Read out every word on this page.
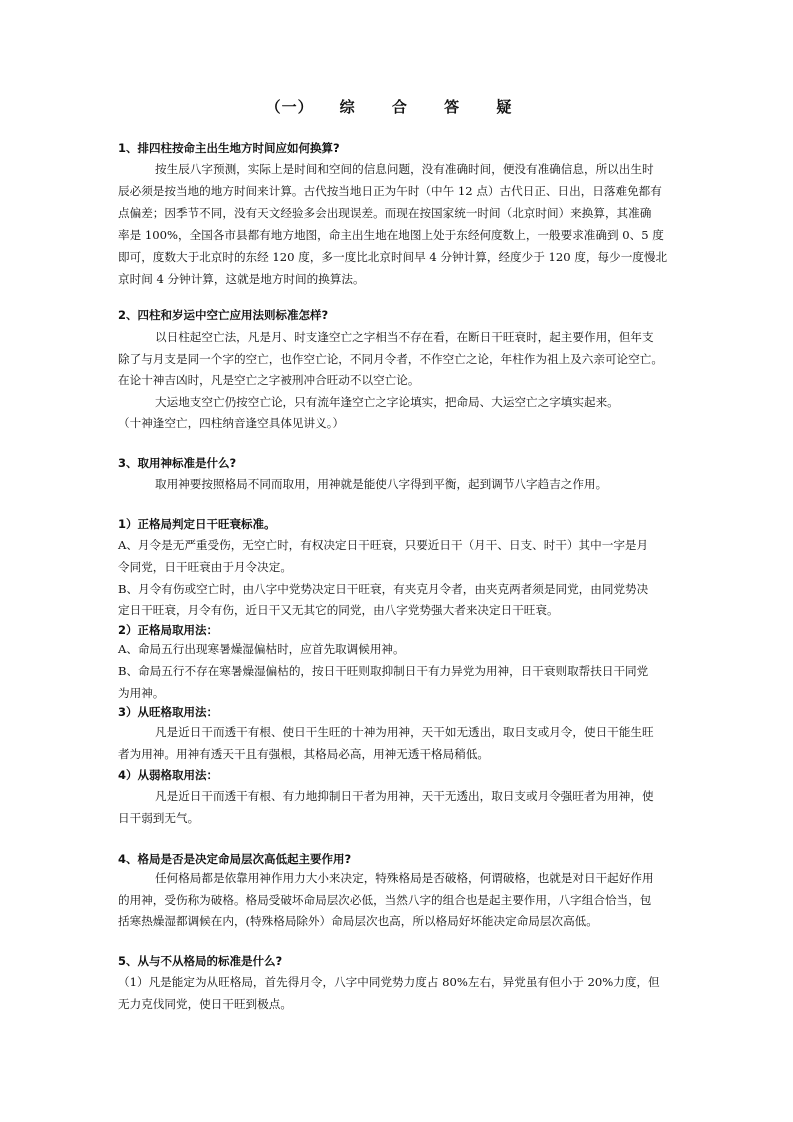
（一） 综 合 答 疑
1、排四柱按命主出生地方时间应如何换算?
按生辰八字预测，实际上是时间和空间的信息问题，没有准确时间，便没有准确信息，所以出生时
辰必须是按当地的地方时间来计算。古代按当地日正为午时（中午 12 点）古代日正、日出，日落难免都有
点偏差；因季节不同，没有天文经验多会出现误差。而现在按国家统一时间（北京时间）来换算，其准确
率是 100%，全国各市县都有地方地图，命主出生地在地图上处于东经何度数上，一般要求准确到 0、5 度
即可，度数大于北京时的东经 120 度，多一度比北京时间早 4 分钟计算，经度少于 120 度，每少一度慢北
京时间 4 分钟计算，这就是地方时间的换算法。
2、四柱和岁运中空亡应用法则标准怎样?
以日柱起空亡法，凡是月、时支逢空亡之字相当不存在看，在断日干旺衰时，起主要作用，但年支
除了与月支是同一个字的空亡，也作空亡论，不同月令者，不作空亡之论，年柱作为祖上及六亲可论空亡。
在论十神吉凶时，凡是空亡之字被刑冲合旺动不以空亡论。
大运地支空亡仍按空亡论，只有流年逢空亡之字论填实，把命局、大运空亡之字填实起来。
（十神逢空亡，四柱纳音逢空具体见讲义。）
3、取用神标准是什么?
取用神要按照格局不同而取用，用神就是能使八字得到平衡，起到调节八字趋吉之作用。
1）正格局判定日干旺衰标准。
A、月令是无严重受伤，无空亡时，有权决定日干旺衰，只要近日干（月干、日支、时干）其中一字是月
令同党，日干旺衰由于月令决定。
B、月令有伤或空亡时，由八字中党势决定日干旺衰，有夹克月令者，由夹克两者须是同党，由同党势决
定日干旺衰，月令有伤，近日干又无其它的同党，由八字党势强大者来决定日干旺衰。
2）正格局取用法：
A、命局五行出现寒暑燥湿偏枯时，应首先取调候用神。
B、命局五行不存在寒暑燥湿偏枯的，按日干旺则取抑制日干有力异党为用神，日干衰则取帮扶日干同党
为用神。
3）从旺格取用法：
凡是近日干而透干有根、使日干生旺的十神为用神，天干如无透出，取日支或月令，使日干能生旺
者为用神。用神有透天干且有强根，其格局必高，用神无透干格局稍低。
4）从弱格取用法：
凡是近日干而透干有根、有力地抑制日干者为用神，天干无透出，取日支或月令强旺者为用神，使
日干弱到无气。
4、格局是否是决定命局层次高低起主要作用?
任何格局都是依靠用神作用力大小来决定，特殊格局是否破格，何谓破格，也就是对日干起好作用
的用神，受伤称为破格。格局受破坏命局层次必低，当然八字的组合也是起主要作用，八字组合恰当，包
括寒热燥湿都调候在内，(特殊格局除外）命局层次也高，所以格局好坏能决定命局层次高低。
5、从与不从格局的标准是什么?
（1）凡是能定为从旺格局，首先得月令，八字中同党势力度占 80%左右，异党虽有但小于 20%力度，但
无力克伐同党，使日干旺到极点。
